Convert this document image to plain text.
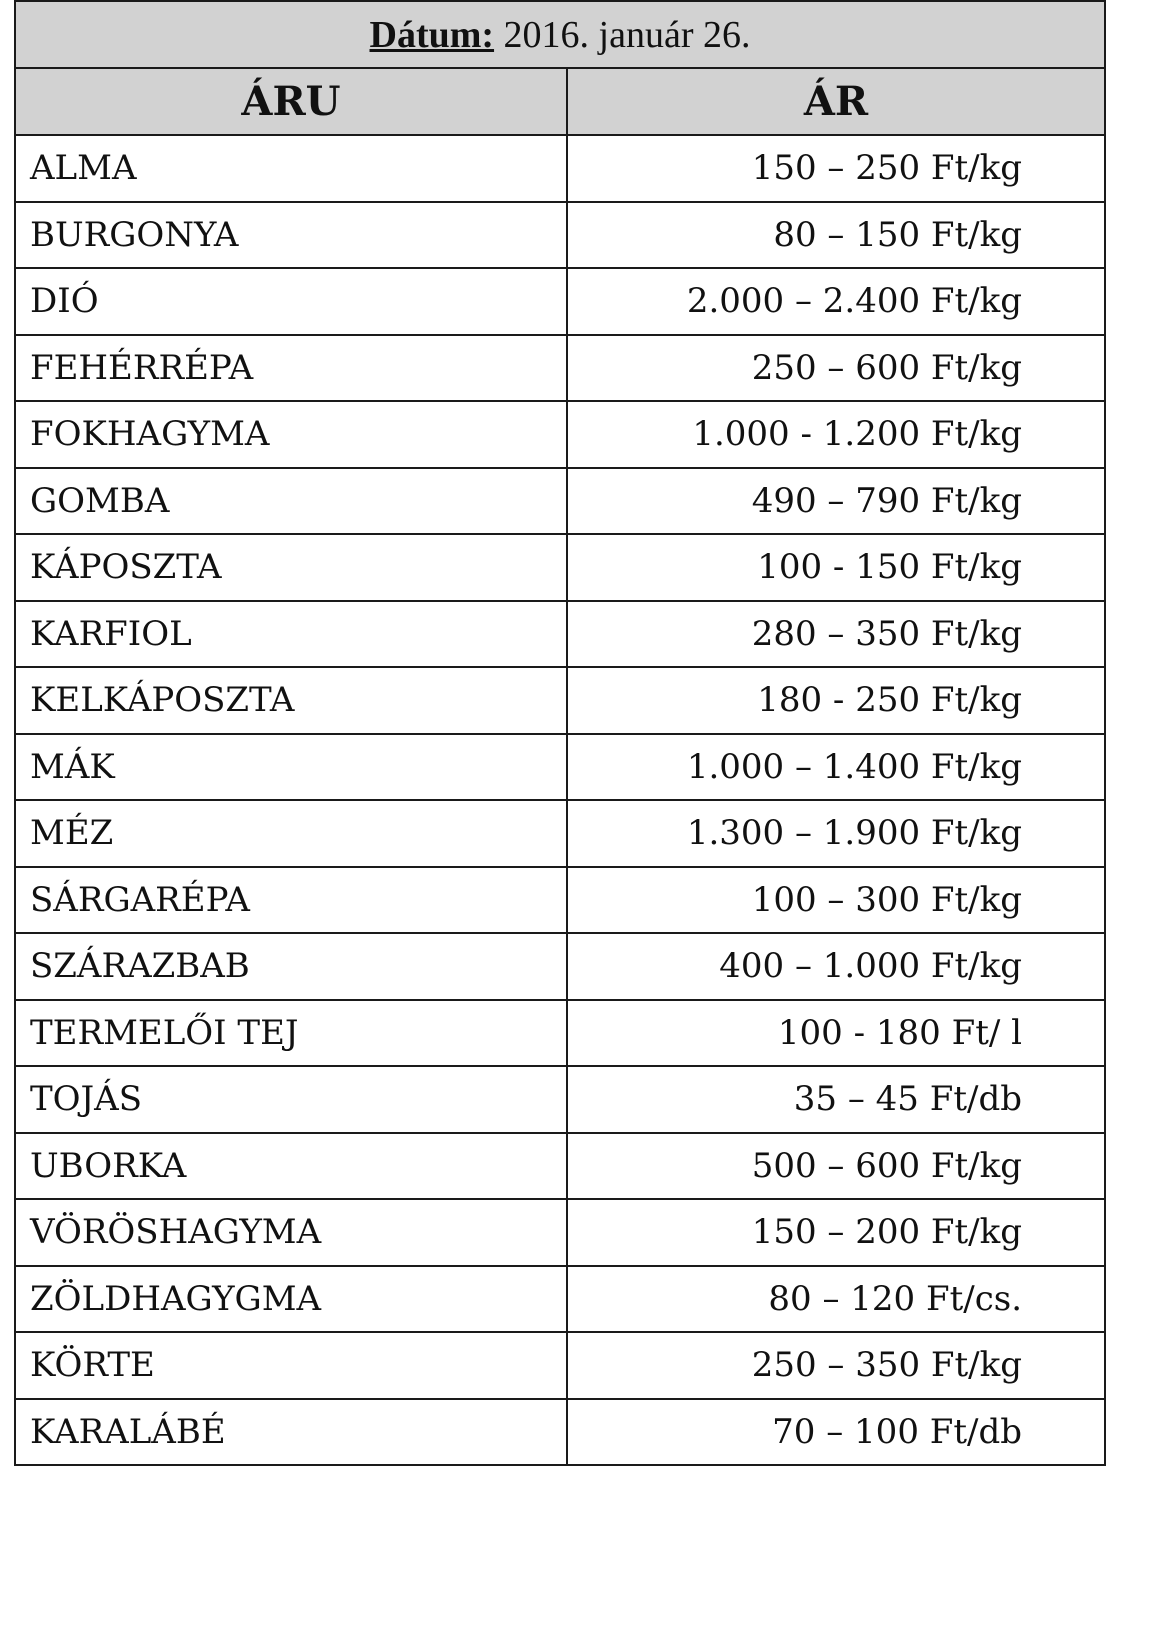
Dátum: 2016. január 26.	
ÁRU	ÁR
ALMA	150 – 250 Ft/kg
BURGONYA	80 – 150 Ft/kg
DIÓ	2.000 – 2.400 Ft/kg
FEHÉRRÉPA	250 – 600 Ft/kg
FOKHAGYMA	1.000 - 1.200 Ft/kg
GOMBA	490 – 790 Ft/kg
KÁPOSZTA	100 - 150 Ft/kg
KARFIOL	280 – 350 Ft/kg
KELKÁPOSZTA	180 - 250 Ft/kg
MÁK	1.000 – 1.400 Ft/kg
MÉZ	1.300 – 1.900 Ft/kg
SÁRGARÉPA	100 – 300 Ft/kg
SZÁRAZBAB	400 – 1.000 Ft/kg
TERMELŐI TEJ	100 - 180 Ft/ l
TOJÁS	35 – 45 Ft/db
UBORKA	500 – 600 Ft/kg
VÖRÖSHAGYMA	150 – 200 Ft/kg
ZÖLDHAGYGMA	80 – 120 Ft/cs.
KÖRTE	250 – 350 Ft/kg
KARALÁBÉ	70 – 100 Ft/db
